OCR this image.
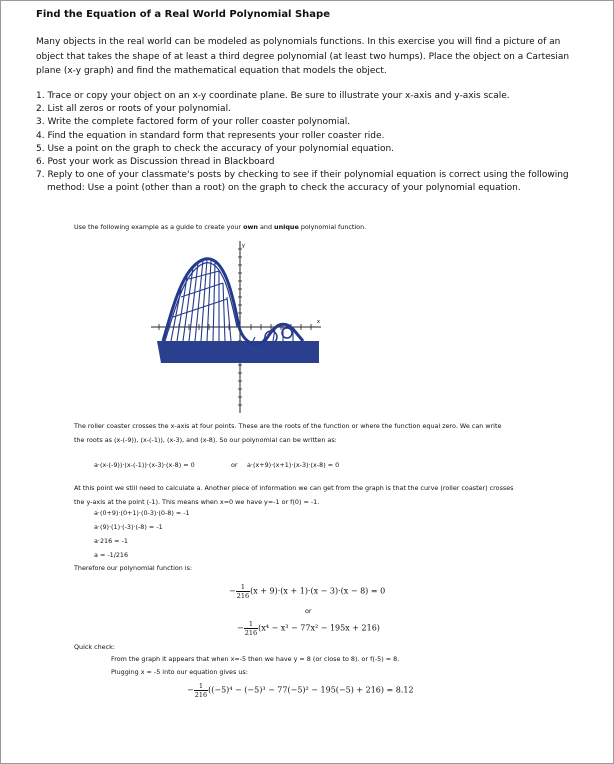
Find the Equation of a Real World Polynomial Shape
Many objects in the real world can be modeled as polynomials functions. In this exercise you will find a picture of an object that takes the shape of at least a third degree polynomial (at least two humps). Place the object on a Cartesian plane (x-y graph) and find the mathematical equation that models the object.
1. Trace or copy your object on an x-y coordinate plane. Be sure to illustrate your x-axis and y-axis scale.
2. List all zeros or roots of your polynomial.
3. Write the complete factored form of your roller coaster polynomial.
4. Find the equation in standard form that represents your roller coaster ride.
5. Use a point on the graph to check the accuracy of your polynomial equation.
6. Post your work as Discussion thread in Blackboard
7. Reply to one of your classmate's posts by checking to see if their polynomial equation is correct using the following
method: Use a point (other than a root) on the graph to check the accuracy of your polynomial equation.
Use the following example as a guide to create your own and unique polynomial function.
y
x
The roller coaster crosses the x-axis at four points. These are the roots of the function or where the function equal zero. We can write
the roots as (x-(-9)), (x-(-1)), (x-3), and (x-8). So our polynomial can be written as:
a·(x-(-9))·(x-(-1))·(x-3)·(x-8) = 0	or a·(x+9)·(x+1)·(x-3)·(x-8) = 0
At this point we still need to calculate a. Another piece of information we can get from the graph is that the curve (roller coaster) crosses
the y-axis at the point (-1). This means when x=0 we have y=-1 or f(0) = -1.
a·(0+9)·(0+1)·(0-3)·(0-8) = -1
a·(9)·(1)·(-3)·(-8) = -1
a·216 = -1
a = -1/216
Therefore our polynomial function is:
− $\frac{1}{216} (x + 9)\cdot(x + 1)\cdot(x - 3)\cdot(x - 8) = 0$
or
− $\frac{1}{216} (x^4 - x^3 - 77x^2 - 195x + 216)$
Quick check:
From the graph it appears that when x=-5 then we have y = 8 (or close to 8). or f(-5) = 8.
Plugging x = -5 into our equation gives us:
− $\frac{1}{216} ((-5)^4 - (-5)^3 - 77(-5)^2 - 195(-5) + 216) = 8.12$
